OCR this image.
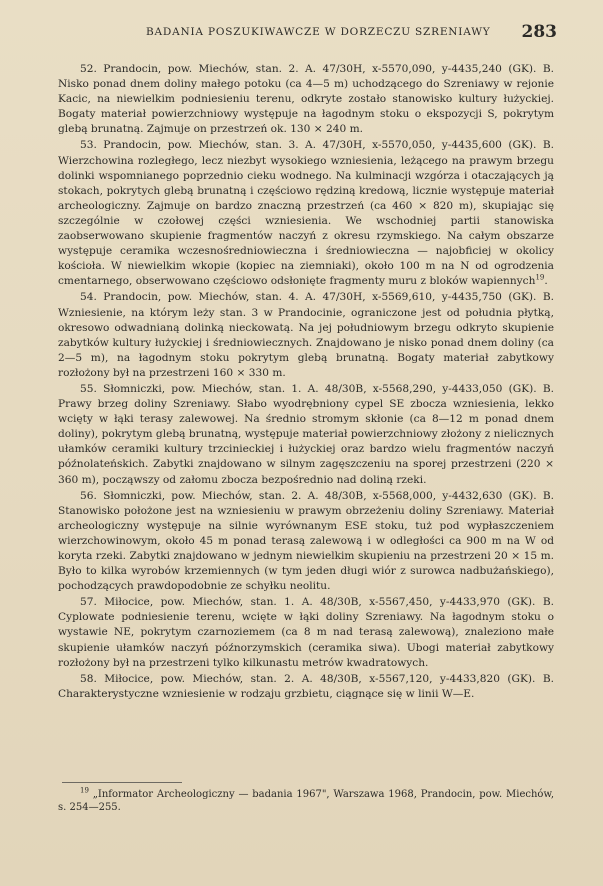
BADANIA POSZUKIWAWCZE W DORZECZU SZRENIAWY 283

52. Prandocin, pow. Miechów, stan. 2. A. 47/30H, x-5570,090, y-4435,240 (GK). B. Nisko ponad dnem doliny małego potoku (ca 4—5 m) uchodzącego do Szreniawy w rejonie Kacic, na niewielkim podniesieniu terenu, odkryte zostało stanowisko kultury łużyckiej. Bogaty materiał powierzchniowy występuje na łagodnym stoku o ekspozycji S, pokrytym glebą brunatną. Zajmuje on przestrzeń ok. 130 × 240 m.

53. Prandocin, pow. Miechów, stan. 3. A. 47/30H, x-5570,050, y-4435,600 (GK). B. Wierzchowina rozległego, lecz niezbyt wysokiego wzniesienia, leżącego na prawym brzegu dolinki wspomnianego poprzednio cieku wodnego. Na kulminacji wzgórza i otaczających ją stokach, pokrytych glebą brunatną i częściowo rędziną kredową, licznie występuje materiał archeologiczny. Zajmuje on bardzo znaczną przestrzeń (ca 460 × 820 m), skupiając się szczególnie w czołowej części wzniesienia. We wschodniej partii stanowiska zaobserwowano skupienie fragmentów naczyń z okresu rzymskiego. Na całym obszarze występuje ceramika wczesnośredniowieczna i średniowieczna — najobficiej w okolicy kościoła. W niewielkim wkopie (kopiec na ziemniaki), około 100 m na N od ogrodzenia cmentarnego, obserwowano częściowo odsłonięte fragmenty muru z bloków wapiennych$^{19}$.

54. Prandocin, pow. Miechów, stan. 4. A. 47/30H, x-5569,610, y-4435,750 (GK). B. Wzniesienie, na którym leży stan. 3 w Prandocinie, ograniczone jest od południa płytką, okresowo odwadnianą dolinką nieckowatą. Na jej południowym brzegu odkryto skupienie zabytków kultury łużyckiej i średniowiecznych. Znajdowano je nisko ponad dnem doliny (ca 2—5 m), na łagodnym stoku pokrytym glebą brunatną. Bogaty materiał zabytkowy rozłożony był na przestrzeni 160 × 330 m.

55. Słomniczki, pow. Miechów, stan. 1. A. 48/30B, x-5568,290, y-4433,050 (GK). B. Prawy brzeg doliny Szreniawy. Słabo wyodrębniony cypel SE zbocza wzniesienia, lekko wcięty w łąki terasy zalewowej. Na średnio stromym skłonie (ca 8—12 m ponad dnem doliny), pokrytym glebą brunatną, występuje materiał powierzchniowy złożony z nielicznych ułamków ceramiki kultury trzcinieckiej i łużyckiej oraz bardzo wielu fragmentów naczyń późnolateńskich. Zabytki znajdowano w silnym zagęszczeniu na sporej przestrzeni (220 × 360 m), począwszy od załomu zbocza bezpośrednio nad doliną rzeki.

56. Słomniczki, pow. Miechów, stan. 2. A. 48/30B, x-5568,000, y-4432,630 (GK). B. Stanowisko położone jest na wzniesieniu w prawym obrzeżeniu doliny Szreniawy. Materiał archeologiczny występuje na silnie wyrównanym ESE stoku, tuż pod wypłaszczeniem wierzchowinowym, około 45 m ponad terasą zalewową i w odległości ca 900 m na W od koryta rzeki. Zabytki znajdowano w jednym niewielkim skupieniu na przestrzeni 20 × 15 m. Było to kilka wyrobów krzemiennych (w tym jeden długi wiór z surowca nadbużańskiego), pochodzących prawdopodobnie ze schyłku neolitu.

57. Miłocice, pow. Miechów, stan. 1. A. 48/30B, x-5567,450, y-4433,970 (GK). B. Cyplowate podniesienie terenu, wcięte w łąki doliny Szreniawy. Na łagodnym stoku o wystawie NE, pokrytym czarnoziemem (ca 8 m nad terasą zalewową), znaleziono małe skupienie ułamków naczyń późnorzymskich (ceramika siwa). Ubogi materiał zabytkowy rozłożony był na przestrzeni tylko kilkunastu metrów kwadratowych.

58. Miłocice, pow. Miechów, stan. 2. A. 48/30B, x-5567,120, y-4433,820 (GK). B. Charakterystyczne wzniesienie w rodzaju grzbietu, ciągnące się w linii W—E.

$^{19}$ „Informator Archeologiczny — badania 1967", Warszawa 1968, Prandocin, pow. Miechów, s. 254—255.
